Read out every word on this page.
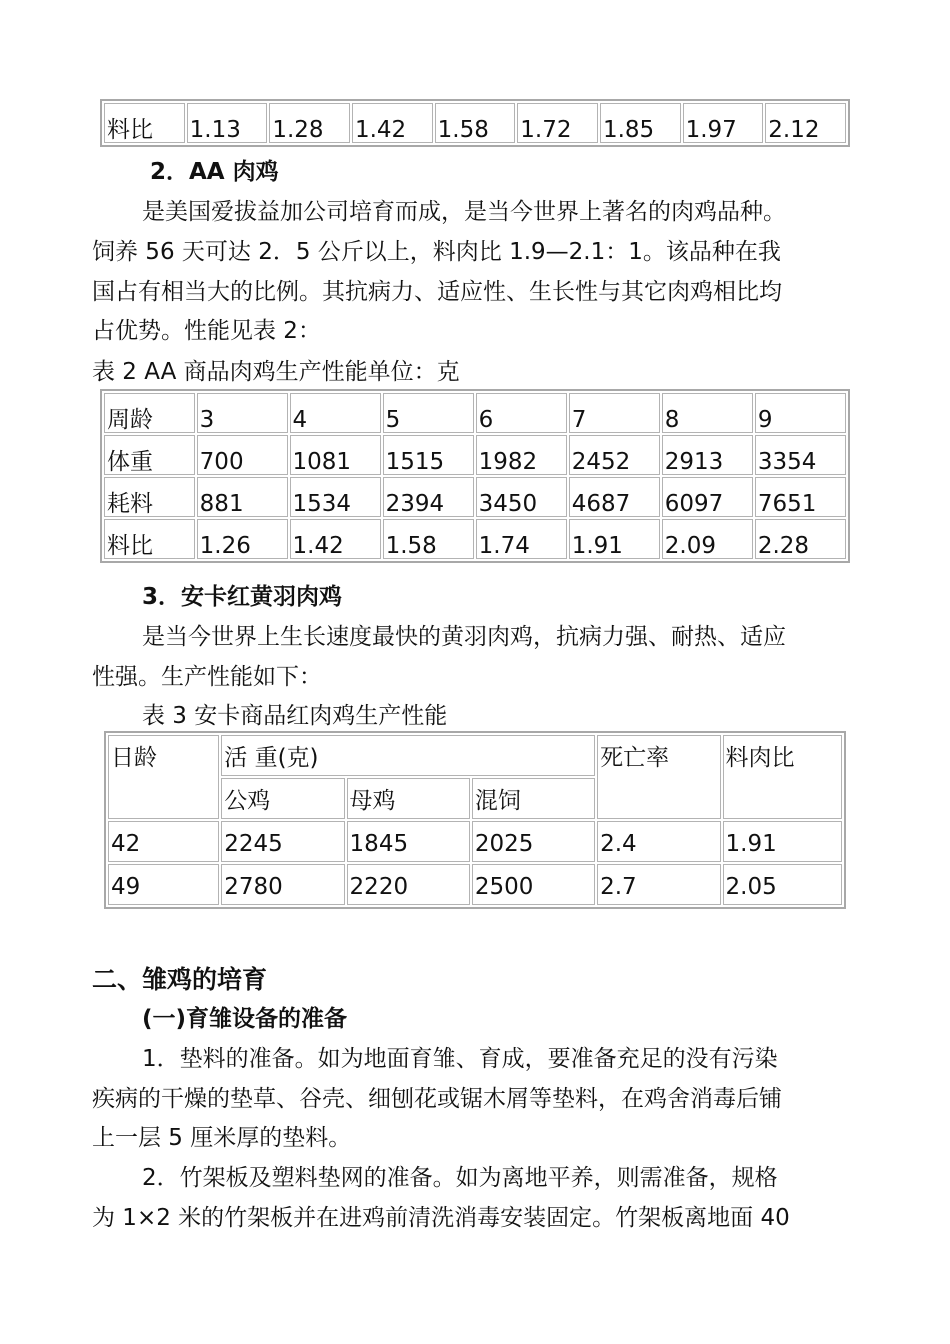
料比	1.13	1.28	1.42	1.58	1.72	1.85	1.97	2.12
2．AA 肉鸡
是美国爱拔益加公司培育而成，是当今世界上著名的肉鸡品种。
饲养 56 天可达 2．5 公斤以上，料肉比 1.9—2.1：1。该品种在我
国占有相当大的比例。其抗病力、适应性、生长性与其它肉鸡相比均
占优势。性能见表 2：
表 2 AA 商品肉鸡生产性能单位：克
周龄	3	4	5	6	7	8	9
体重	700	1081	1515	1982	2452	2913	3354
耗料	881	1534	2394	3450	4687	6097	7651
料比	1.26	1.42	1.58	1.74	1.91	2.09	2.28
3．安卡红黄羽肉鸡
是当今世界上生长速度最快的黄羽肉鸡，抗病力强、耐热、适应
性强。生产性能如下：
表 3 安卡商品红肉鸡生产性能
日龄	活 重(克)			死亡率	料肉比
	公鸡	母鸡	混饲		
42	2245	1845	2025	2.4	1.91
49	2780	2220	2500	2.7	2.05
二、雏鸡的培育
(一)育雏设备的准备
1．垫料的准备。如为地面育雏、育成，要准备充足的没有污染
疾病的干燥的垫草、谷壳、细刨花或锯木屑等垫料，在鸡舍消毒后铺
上一层 5 厘米厚的垫料。
2．竹架板及塑料垫网的准备。如为离地平养，则需准备，规格
为 1×2 米的竹架板并在进鸡前清洗消毒安装固定。竹架板离地面 40
